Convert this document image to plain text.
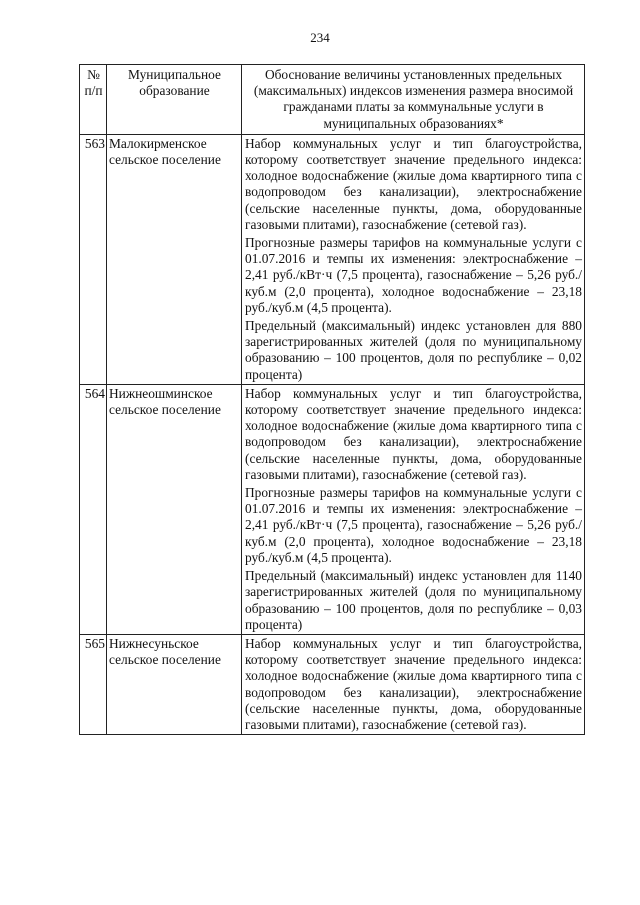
234
№ п/п	Муниципальное образование	Обоснование величины установленных предельных (максимальных) индексов изменения размера вносимой гражданами платы за коммунальные услуги в муниципальных образованиях*
563	Малокирменское сельское поселение	Набор коммунальных услуг и тип благоустройства, которому соответствует значение предельного индекса: холодное водоснабжение (жилые дома квартирного типа с водопроводом без канализации), электроснабжение (сельские населенные пункты, дома, оборудованные газовыми плитами), газоснабжение (сетевой газ).

Прогнозные размеры тарифов на коммунальные услуги с 01.07.2016 и темпы их изменения: электроснабжение – 2,41 руб./кВт·ч (7,5 процента), газоснабжение – 5,26 руб./куб.м (2,0 процента), холодное водоснабжение – 23,18 руб./куб.м (4,5 процента).

Предельный (максимальный) индекс установлен для 880 зарегистрированных жителей (доля по муниципальному образованию – 100 процентов, доля по республике – 0,02 процента)

564	Нижнеошминское сельское поселение	Набор коммунальных услуг и тип благоустройства, которому соответствует значение предельного индекса: холодное водоснабжение (жилые дома квартирного типа с водопроводом без канализации), электроснабжение (сельские населенные пункты, дома, оборудованные газовыми плитами), газоснабжение (сетевой газ).

Прогнозные размеры тарифов на коммунальные услуги с 01.07.2016 и темпы их изменения: электроснабжение – 2,41 руб./кВт·ч (7,5 процента), газоснабжение – 5,26 руб./куб.м (2,0 процента), холодное водоснабжение – 23,18 руб./куб.м (4,5 процента).

Предельный (максимальный) индекс установлен для 1140 зарегистрированных жителей (доля по муниципальному образованию – 100 процентов, доля по республике – 0,03 процента)

565	Нижнесуньское сельское поселение	Набор коммунальных услуг и тип благоустройства, которому соответствует значение предельного индекса: холодное водоснабжение (жилые дома квартирного типа с водопроводом без канализации), электроснабжение (сельские населенные пункты, дома, оборудованные газовыми плитами), газоснабжение (сетевой газ).
